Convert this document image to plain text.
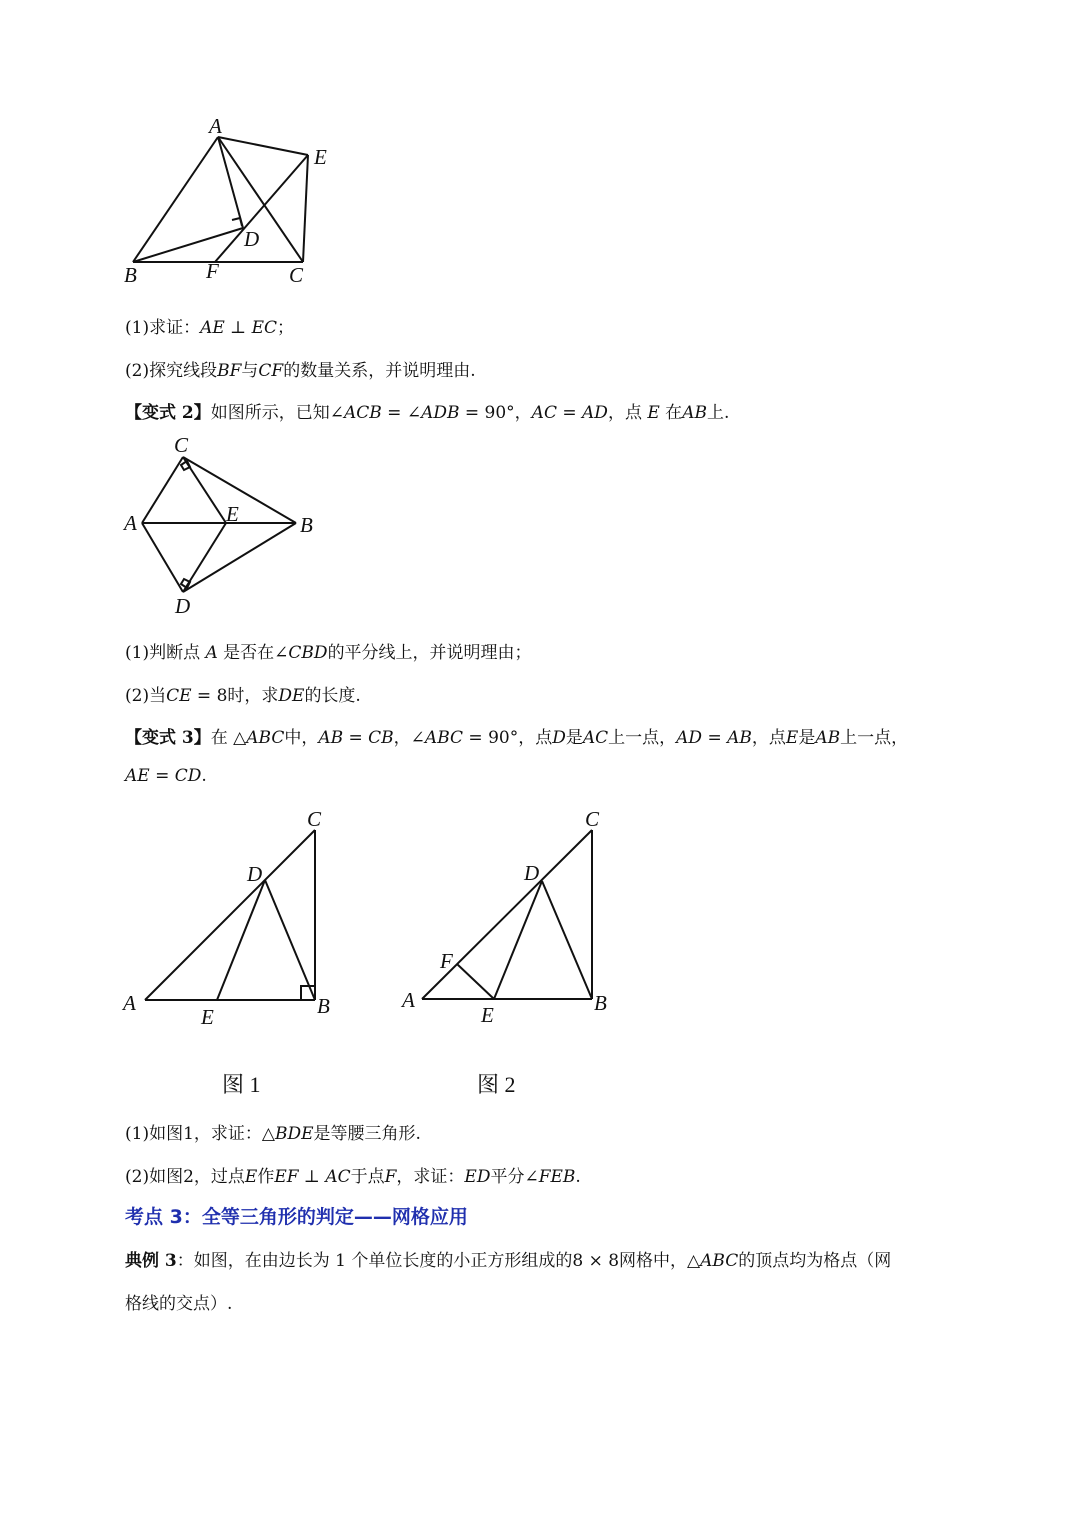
A
E
D
B	F	C
(1)求证：AE ⊥ EC；
(2)探究线段BF与CF的数量关系，并说明理由.
【变式 2】如图所示，已知∠ACB = ∠ADB = 90°，AC = AD，点 E 在AB上.
C
A	E	B
D
(1)判断点 A 是否在∠CBD的平分线上，并说明理由；
(2)当CE = 8时，求DE的长度.
【变式 3】在 △ABC中，AB = CB，∠ABC = 90°，点D是AC上一点，AD = AB，点E是AB上一点，
AE = CD.
C
D
A
E	B
C
D
F
A
E	B
图 1	图 2
(1)如图1，求证：△BDE是等腰三角形.
(2)如图2，过点E作EF ⊥ AC于点F，求证：ED平分∠FEB.
考点 3：全等三角形的判定——网格应用
典例 3：如图，在由边长为 1 个单位长度的小正方形组成的8 × 8网格中，△ABC的顶点均为格点（网
格线的交点）.
